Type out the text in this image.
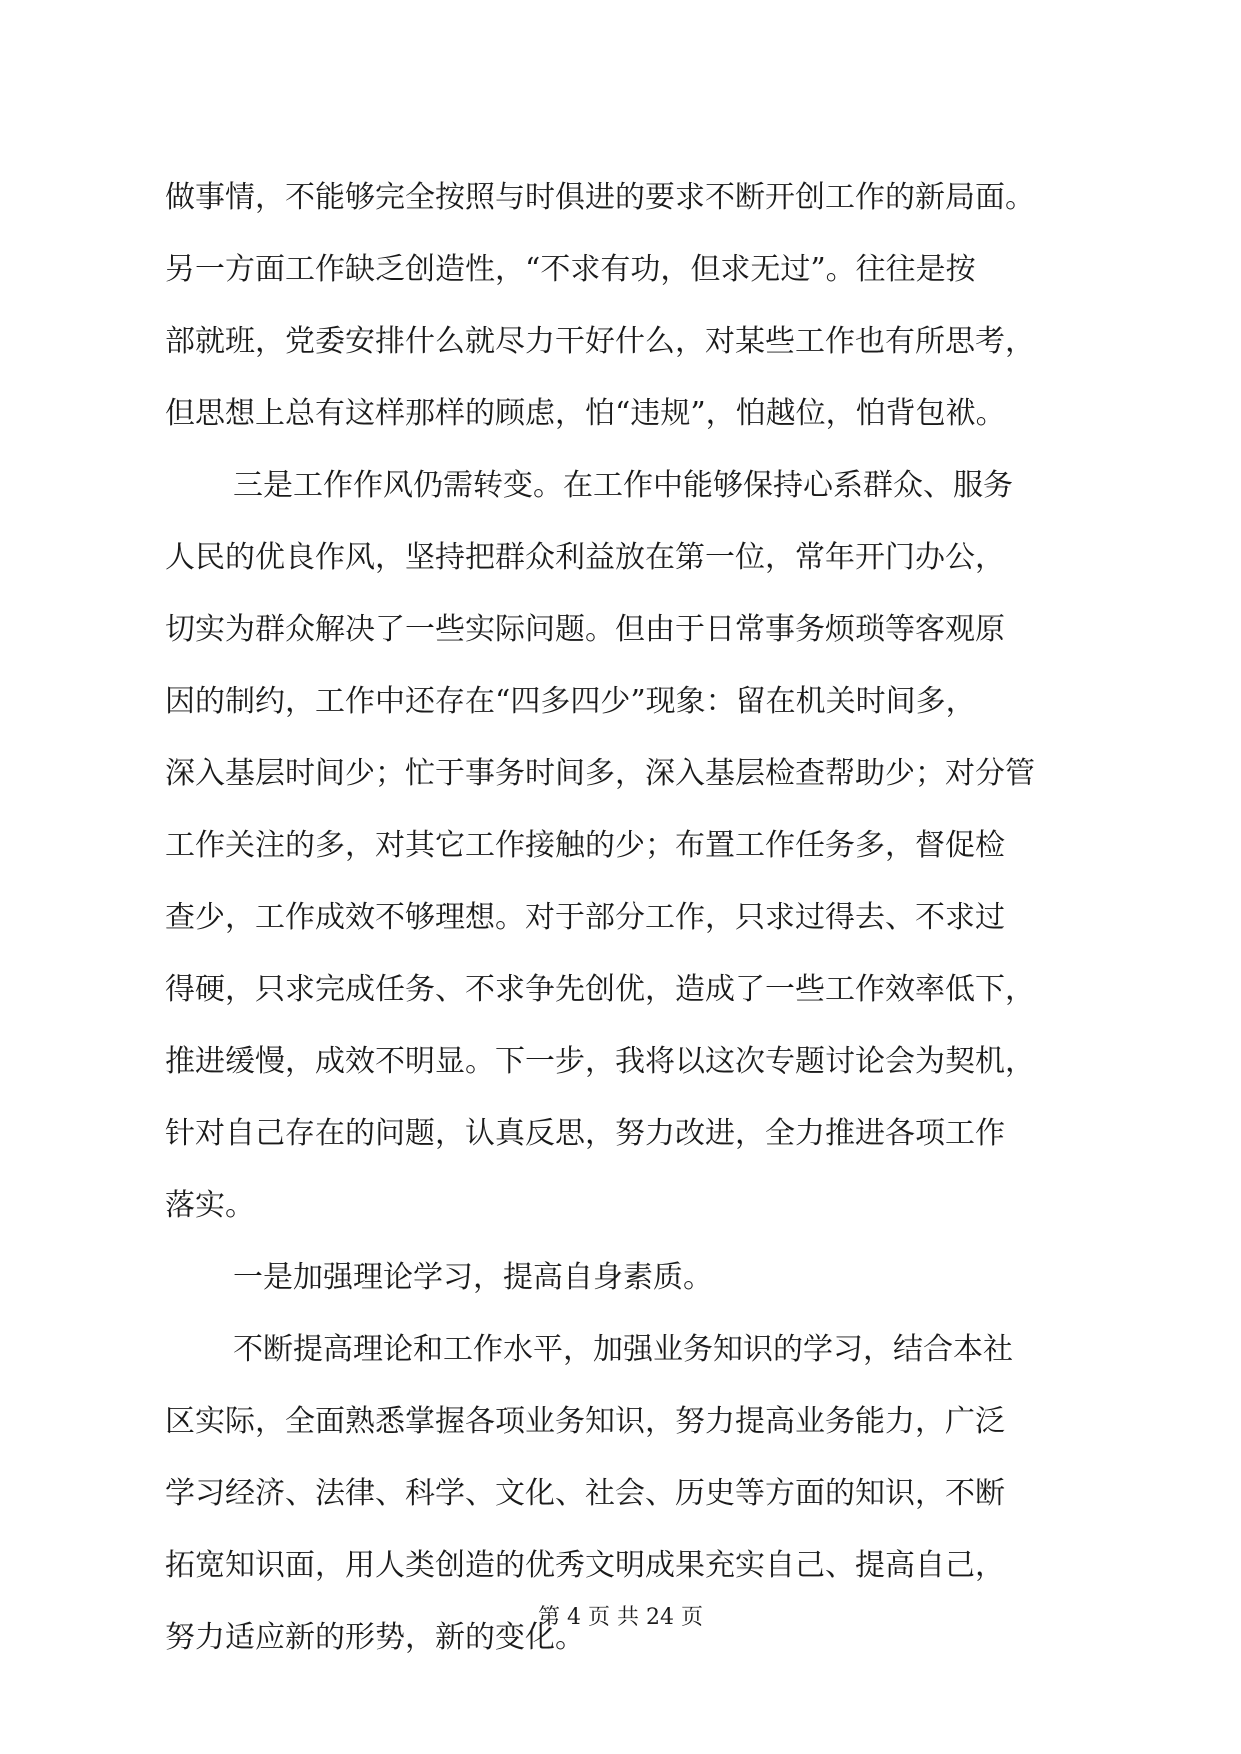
做事情，不能够完全按照与时俱进的要求不断开创工作的新局面。
另一方面工作缺乏创造性，“不求有功，但求无过”。往往是按
部就班，党委安排什么就尽力干好什么，对某些工作也有所思考，
但思想上总有这样那样的顾虑，怕“违规”，怕越位，怕背包袱。
三是工作作风仍需转变。在工作中能够保持心系群众、服务
人民的优良作风，坚持把群众利益放在第一位，常年开门办公，
切实为群众解决了一些实际问题。但由于日常事务烦琐等客观原
因的制约，工作中还存在“四多四少”现象：留在机关时间多，
深入基层时间少；忙于事务时间多，深入基层检查帮助少；对分管
工作关注的多，对其它工作接触的少；布置工作任务多，督促检
查少，工作成效不够理想。对于部分工作，只求过得去、不求过
得硬，只求完成任务、不求争先创优，造成了一些工作效率低下，
推进缓慢，成效不明显。下一步，我将以这次专题讨论会为契机，
针对自己存在的问题，认真反思，努力改进，全力推进各项工作
落实。
一是加强理论学习，提高自身素质。
不断提高理论和工作水平，加强业务知识的学习，结合本社
区实际，全面熟悉掌握各项业务知识，努力提高业务能力，广泛
学习经济、法律、科学、文化、社会、历史等方面的知识，不断
拓宽知识面，用人类创造的优秀文明成果充实自己、提高自己，
努力适应新的形势，新的变化。
第 4 页 共 24 页
